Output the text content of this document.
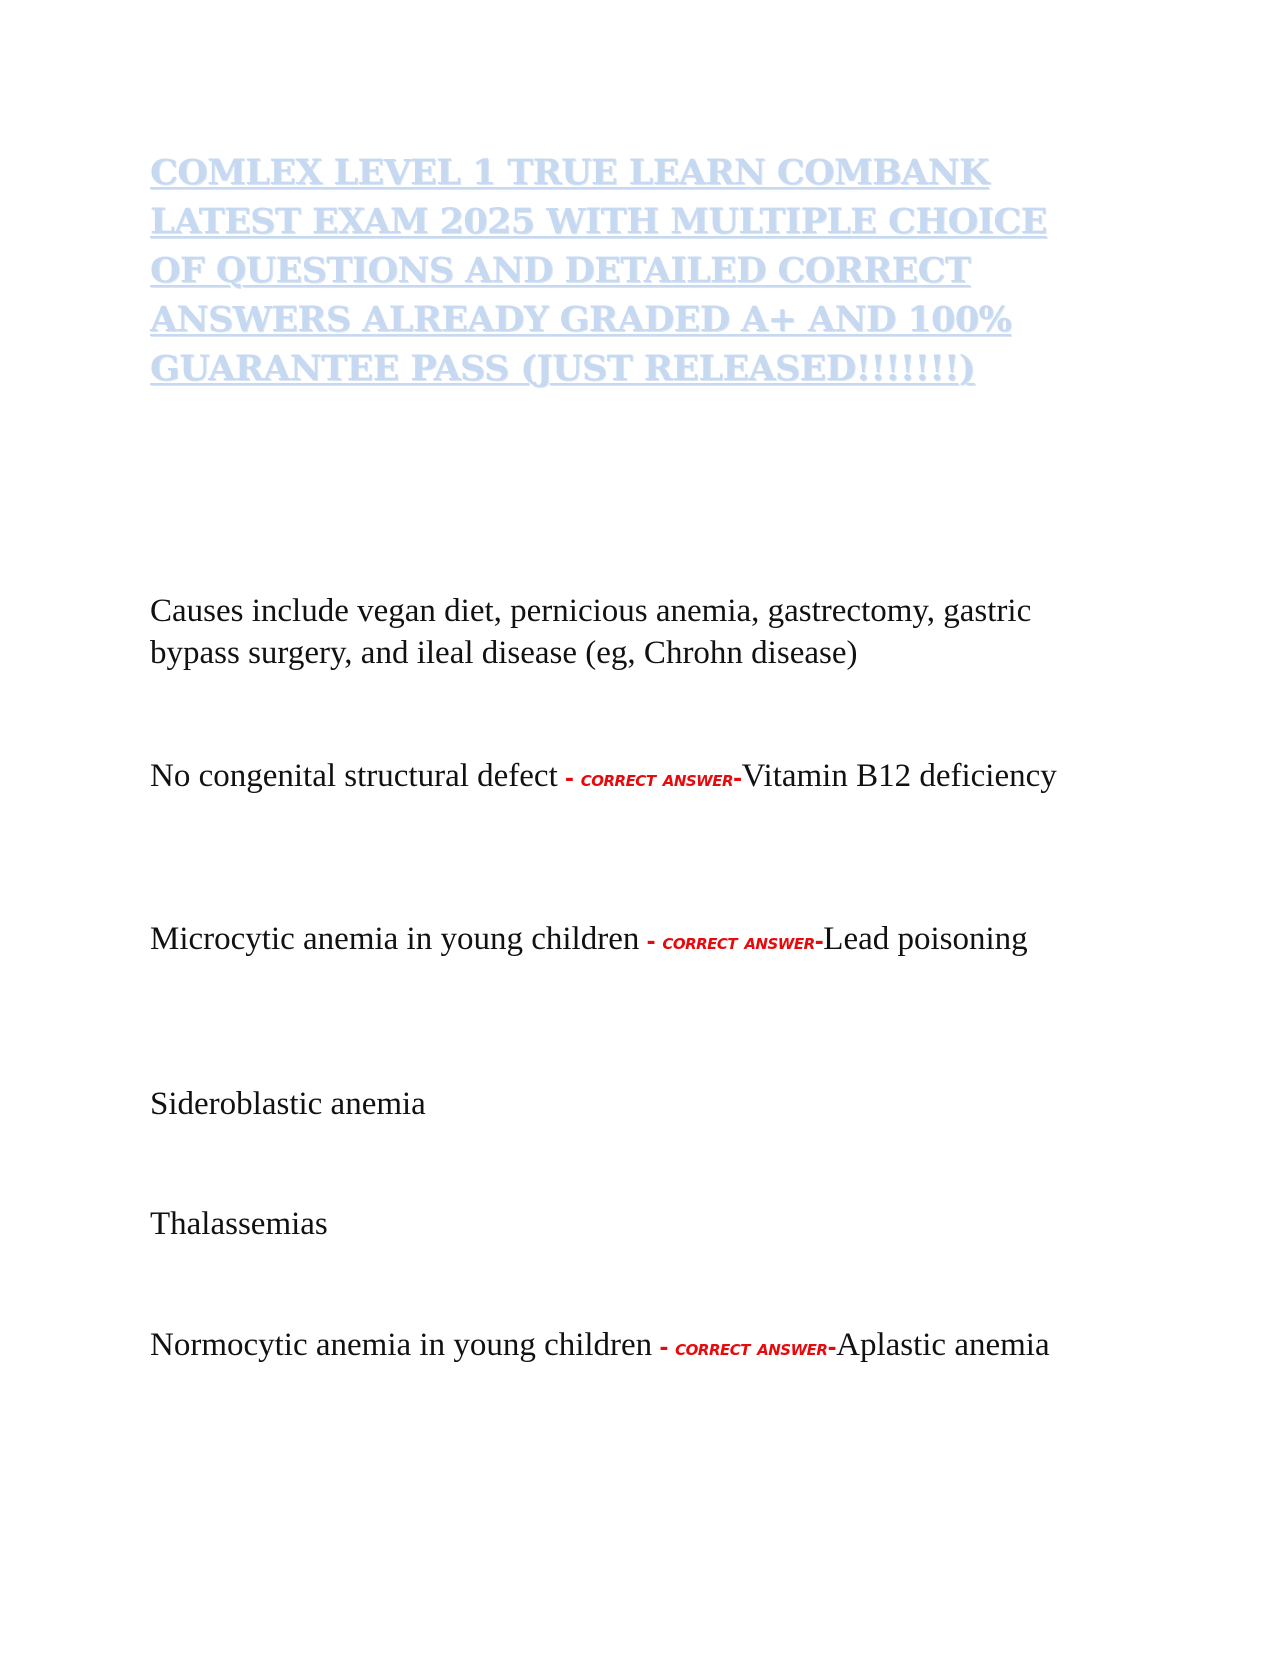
COMLEX LEVEL 1 TRUE LEARN COMBANK LATEST EXAM 2025 WITH MULTIPLE CHOICE OF QUESTIONS AND DETAILED CORRECT ANSWERS ALREADY GRADED A+ AND 100% GUARANTEE PASS (JUST RELEASED!!!!!!!)

Causes include vegan diet, pernicious anemia, gastrectomy, gastric bypass surgery, and ileal disease (eg, Chrohn disease)

No congenital structural defect - correct answer-Vitamin B12 deficiency

Microcytic anemia in young children - correct answer-Lead poisoning

Sideroblastic anemia

Thalassemias

Normocytic anemia in young children - correct answer-Aplastic anemia
